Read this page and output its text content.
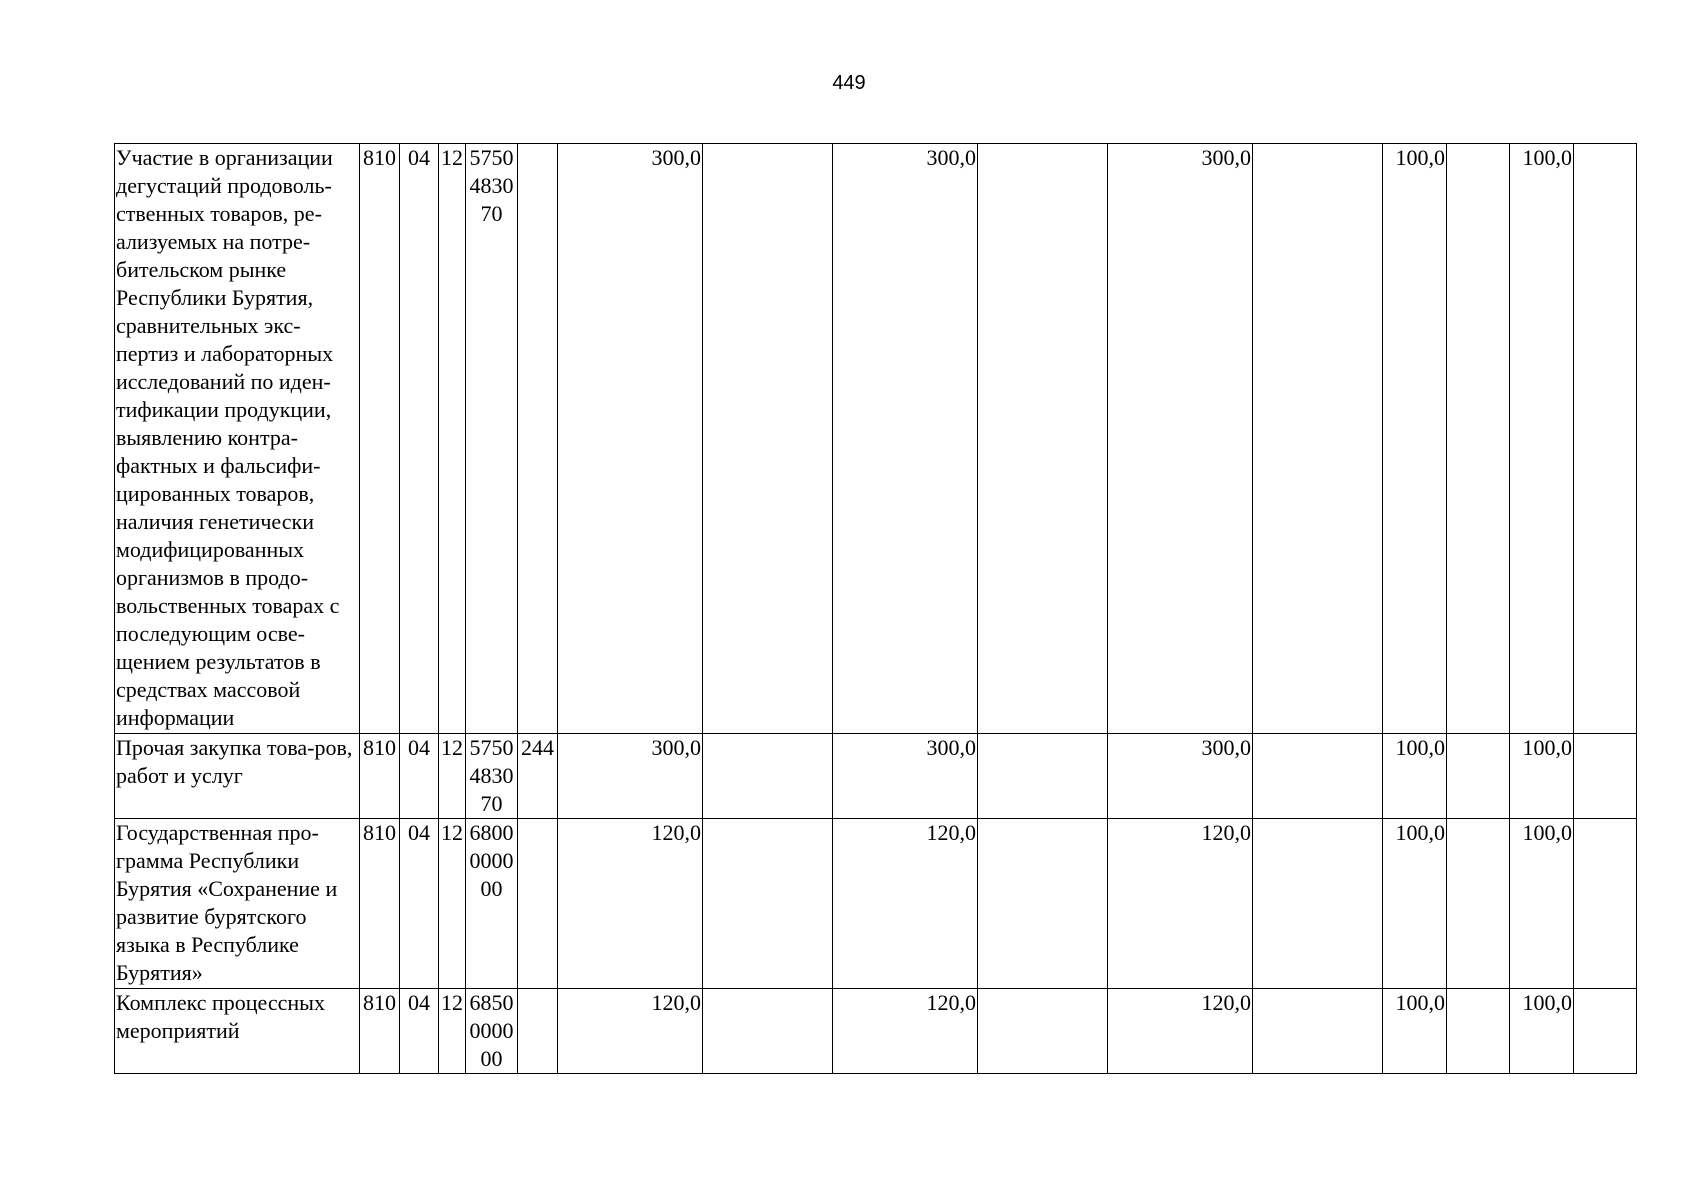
449
Участие в организации дегустаций продоволь-ственных товаров, ре-ализуемых на потре-бительском рынке Республики Бурятия, сравнительных экс-пертиз и лабораторных исследований по иден-тификации продукции, выявлению контра-фактных и фальсифи-цированных товаров, наличия генетически модифицированных организмов в продо-вольственных товарах с последующим осве-щением результатов в средствах массовой информации	810	04	12	5750483070		300,0		300,0		300,0		100,0		100,0	
Прочая закупка това-ров, работ и услуг	810	04	12	5750483070	244	300,0		300,0		300,0		100,0		100,0	
Государственная про-грамма Республики Бурятия «Сохранение и развитие бурятского языка в Республике Бурятия»	810	04	12	6800000000		120,0		120,0		120,0		100,0		100,0	
Комплекс процессных мероприятий	810	04	12	6850000000		120,0		120,0		120,0		100,0		100,0	
